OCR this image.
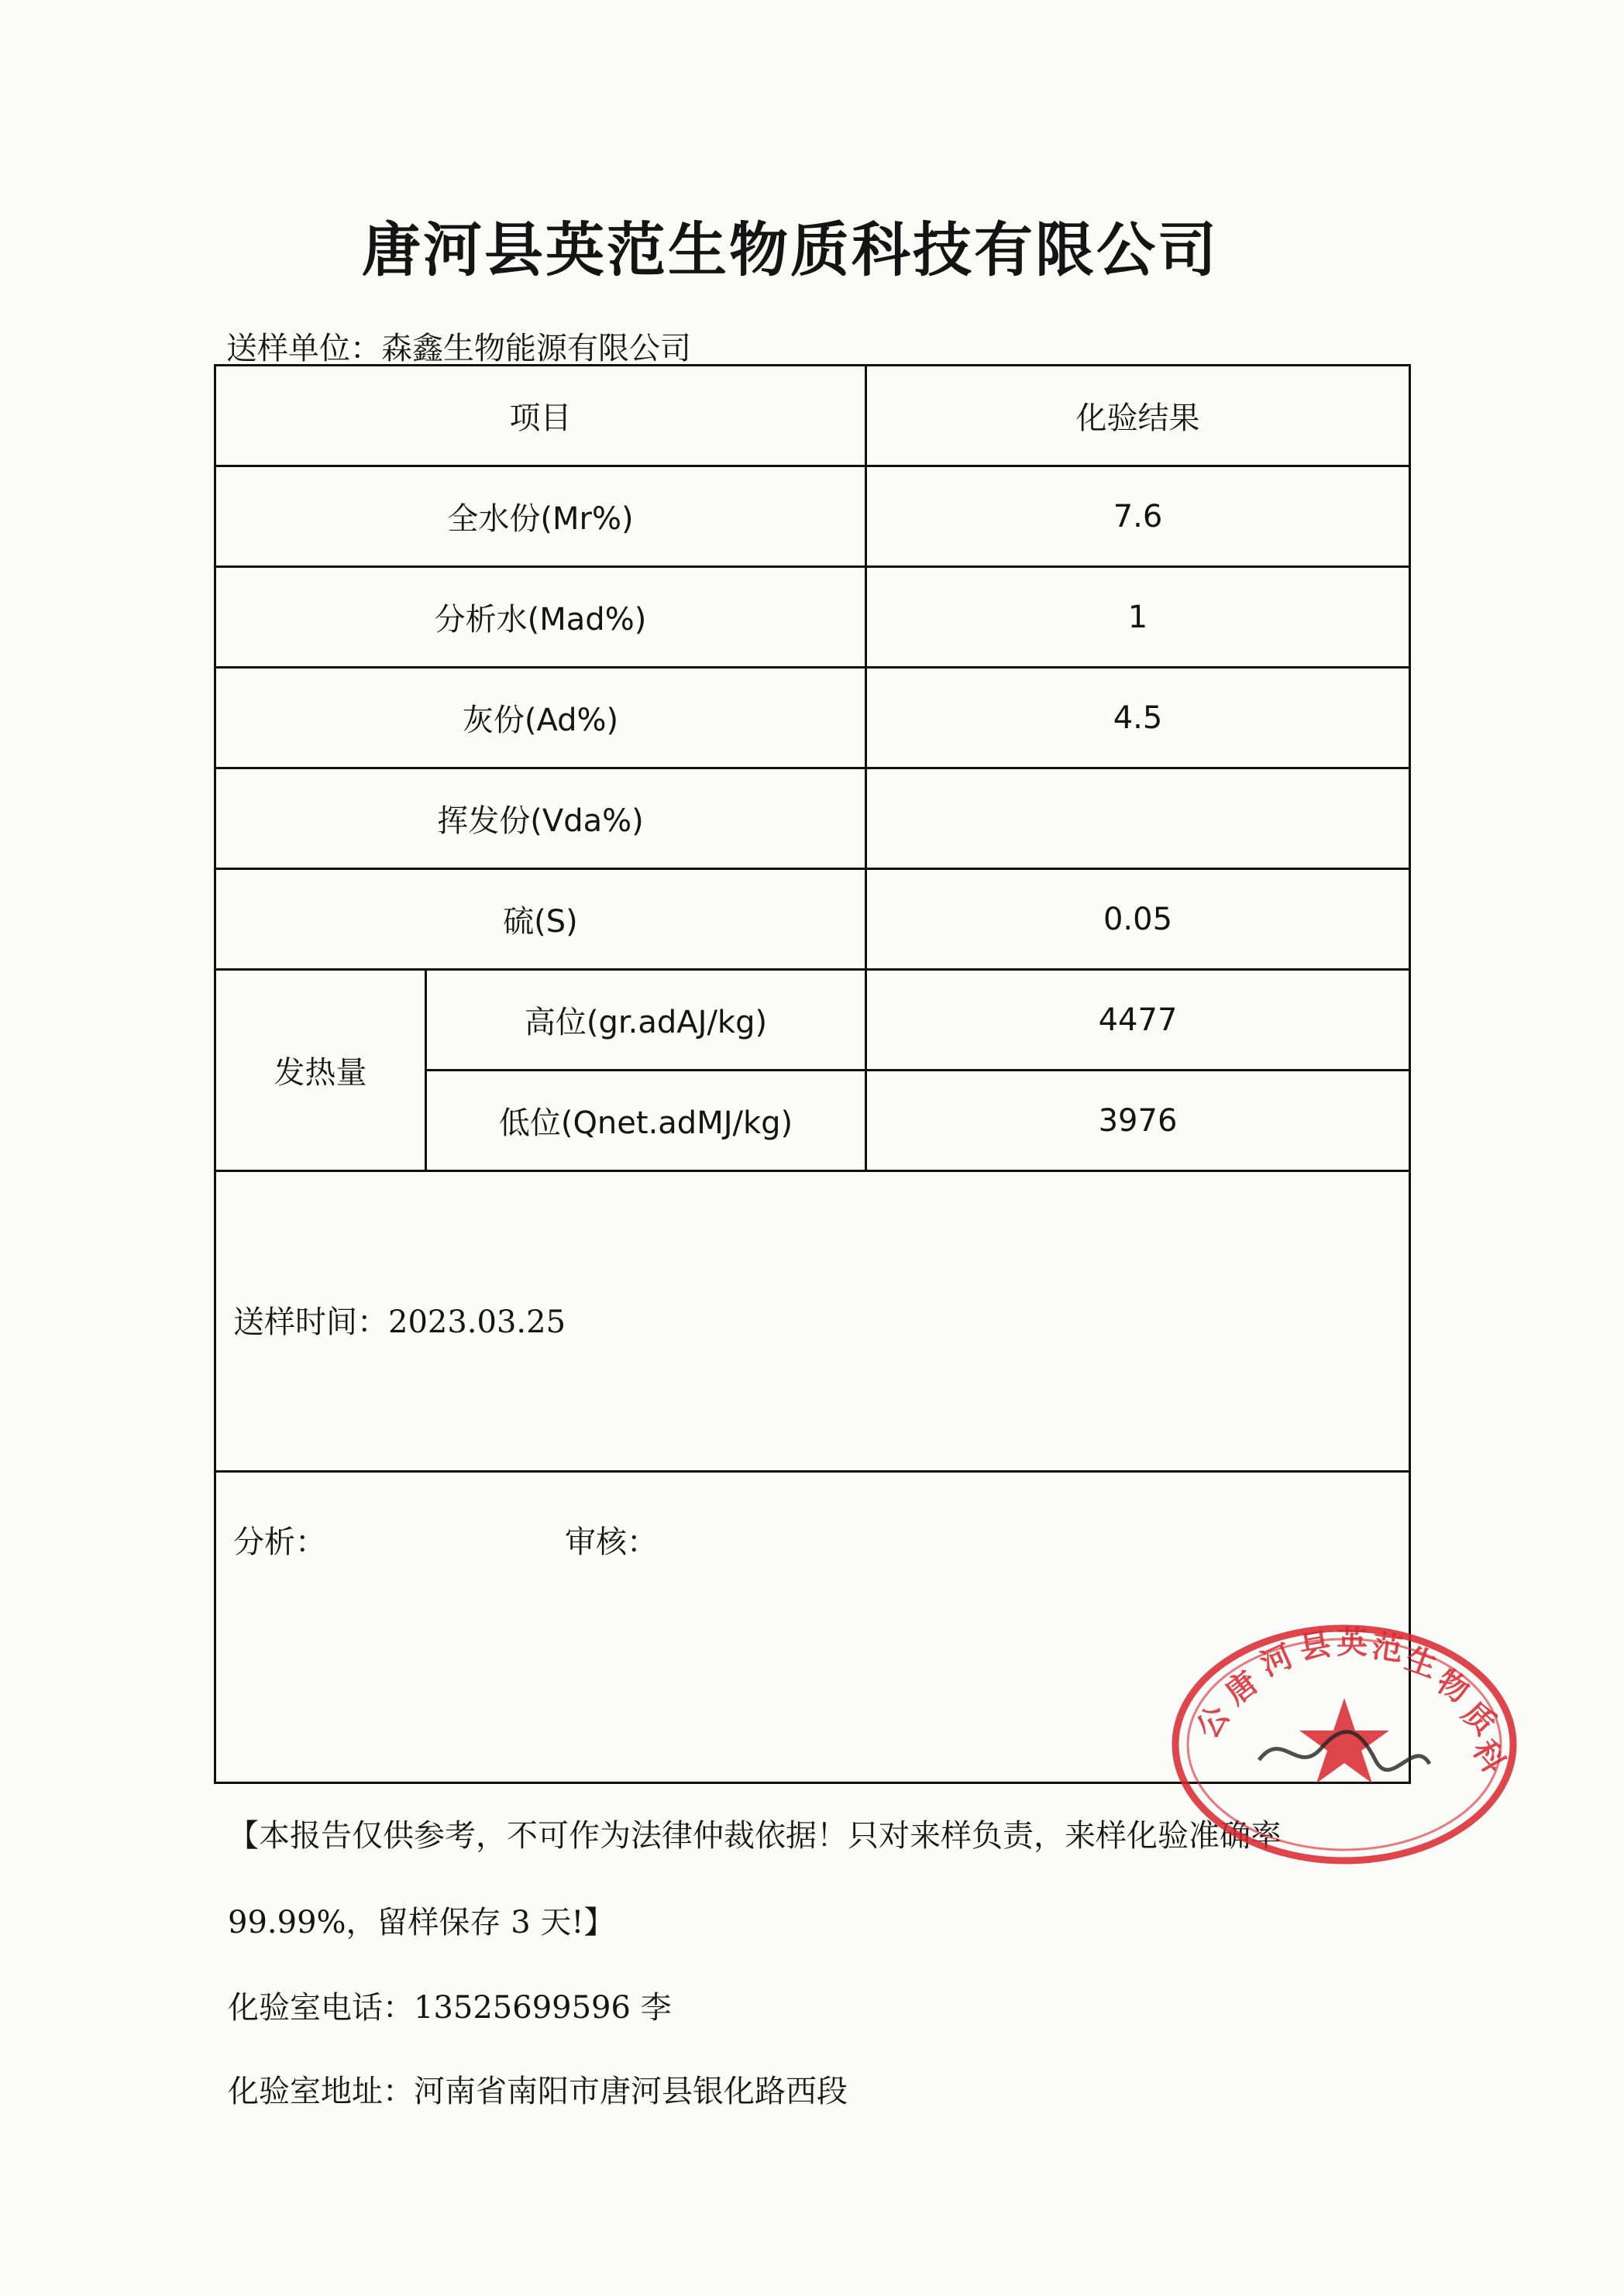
唐河县英范生物质科技有限公司
送样单位：森鑫生物能源有限公司
项目		化验结果
全水份(Mr%)		7.6
分析水(Mad%)		1
灰份(Ad%)		4.5
挥发份(Vda%)		
硫(S)		0.05
发热量	高位(gr.adAJ/kg)	4477
	低位(Qnet.adMJ/kg)	3976

送样时间：2023.03.25		

分析： 审核：		
【本报告仅供参考，不可作为法律仲裁依据！只对来样负责，来样化验准确率
99.99%，留样保存 3 天!】
化验室电话：13525699596 李
化验室地址：河南省南阳市唐河县银化路西段
唐
河
县 英 范
生
物
质
科
公
